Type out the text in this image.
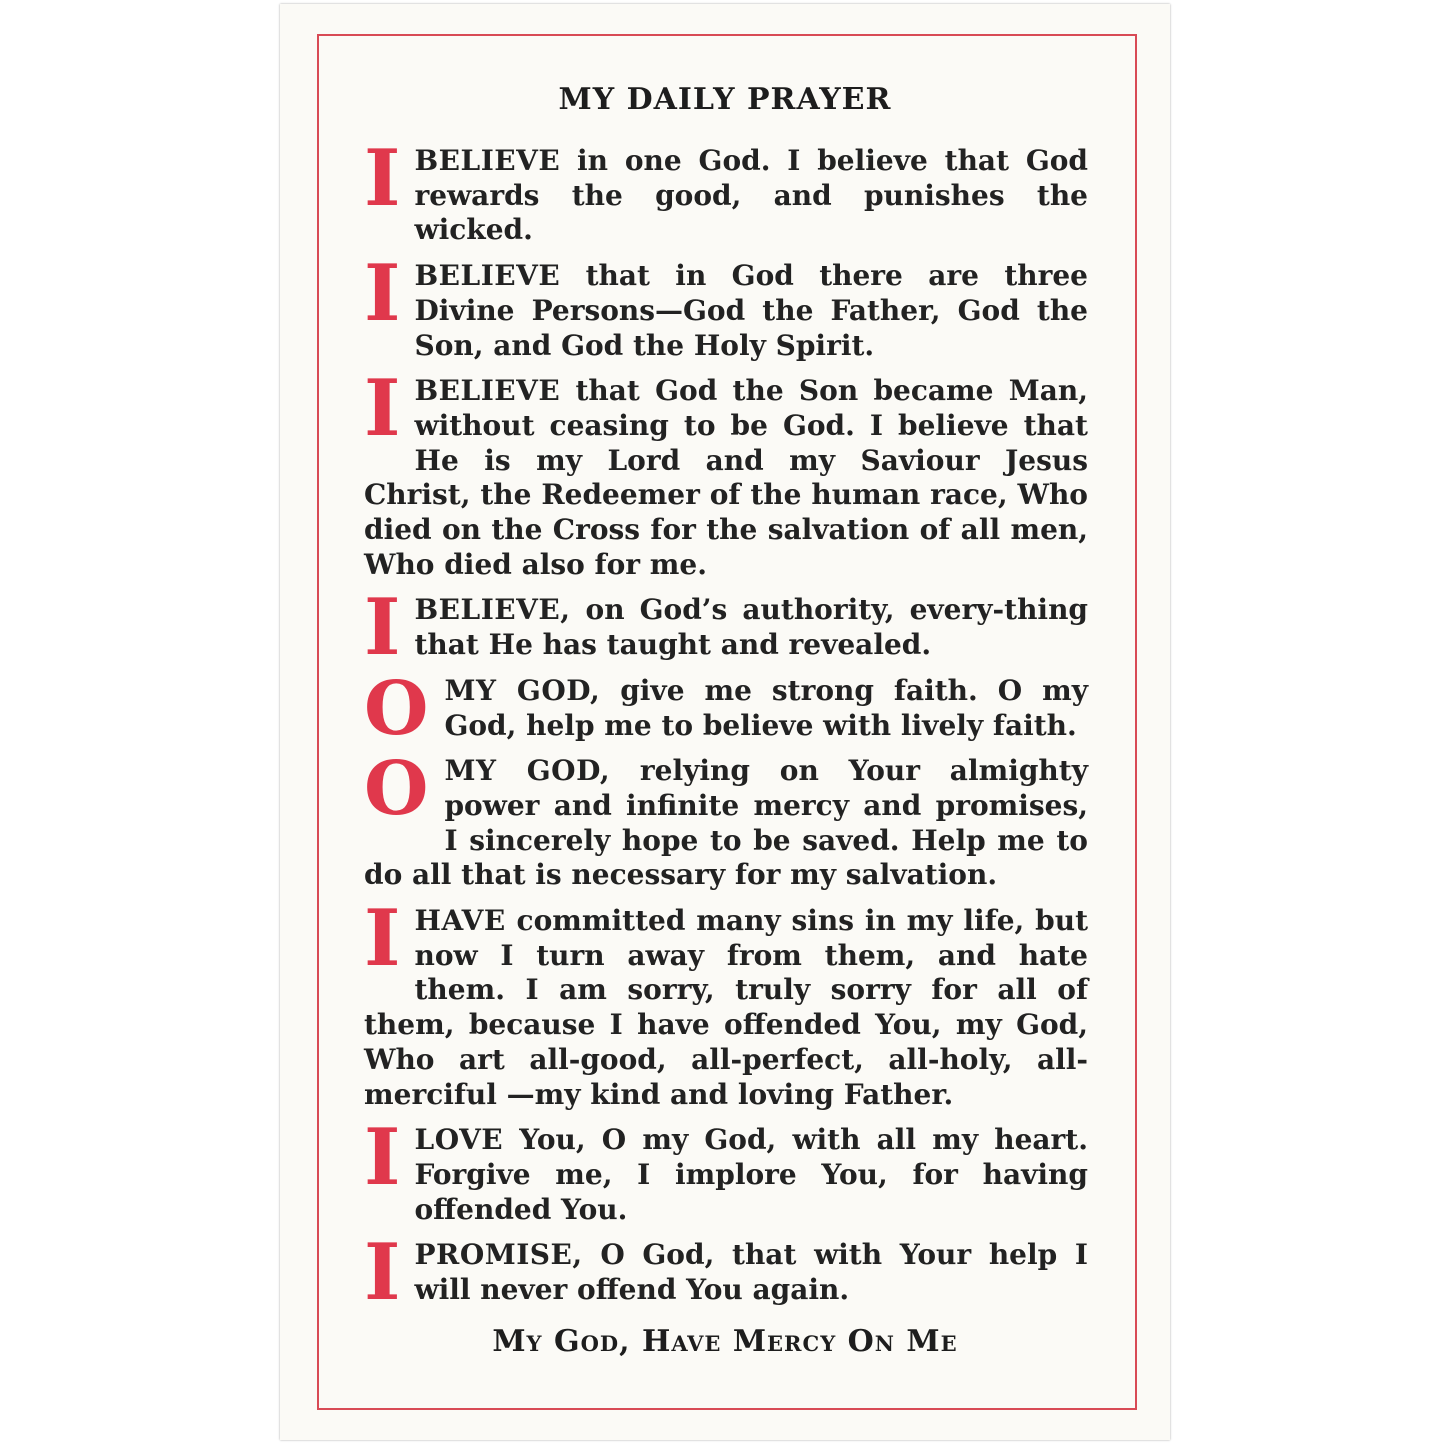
MY DAILY PRAYER

IBELIEVE in one God. I believe that God rewards the good, and punishes the wicked.

IBELIEVE that in God there are three Divine Persons—God the Father, God the Son, and God the Holy Spirit.

IBELIEVE that God the Son became Man, without ceasing to be God. I believe that He is my Lord and my Saviour Jesus Christ, the Redeemer of the human race, Who died on the Cross for the salvation of all men, Who died also for me.

IBELIEVE, on God’s authority, every-thing that He has taught and revealed.

OMY GOD, give me strong faith. O my God, help me to believe with lively faith.

OMY GOD, relying on Your almighty power and infinite mercy and promises, I sincerely hope to be saved. Help me to do all that is necessary for my salvation.

IHAVE committed many sins in my life, but now I turn away from them, and hate them. I am sorry, truly sorry for all of them, because I have offended You, my God, Who art all-good, all-perfect, all-holy, all-merciful —my kind and loving Father.

ILOVE You, O my God, with all my heart. Forgive me, I implore You, for having offended You.

IPROMISE, O God, that with Your help I will never offend You again.

My God, Have Mercy On Me
